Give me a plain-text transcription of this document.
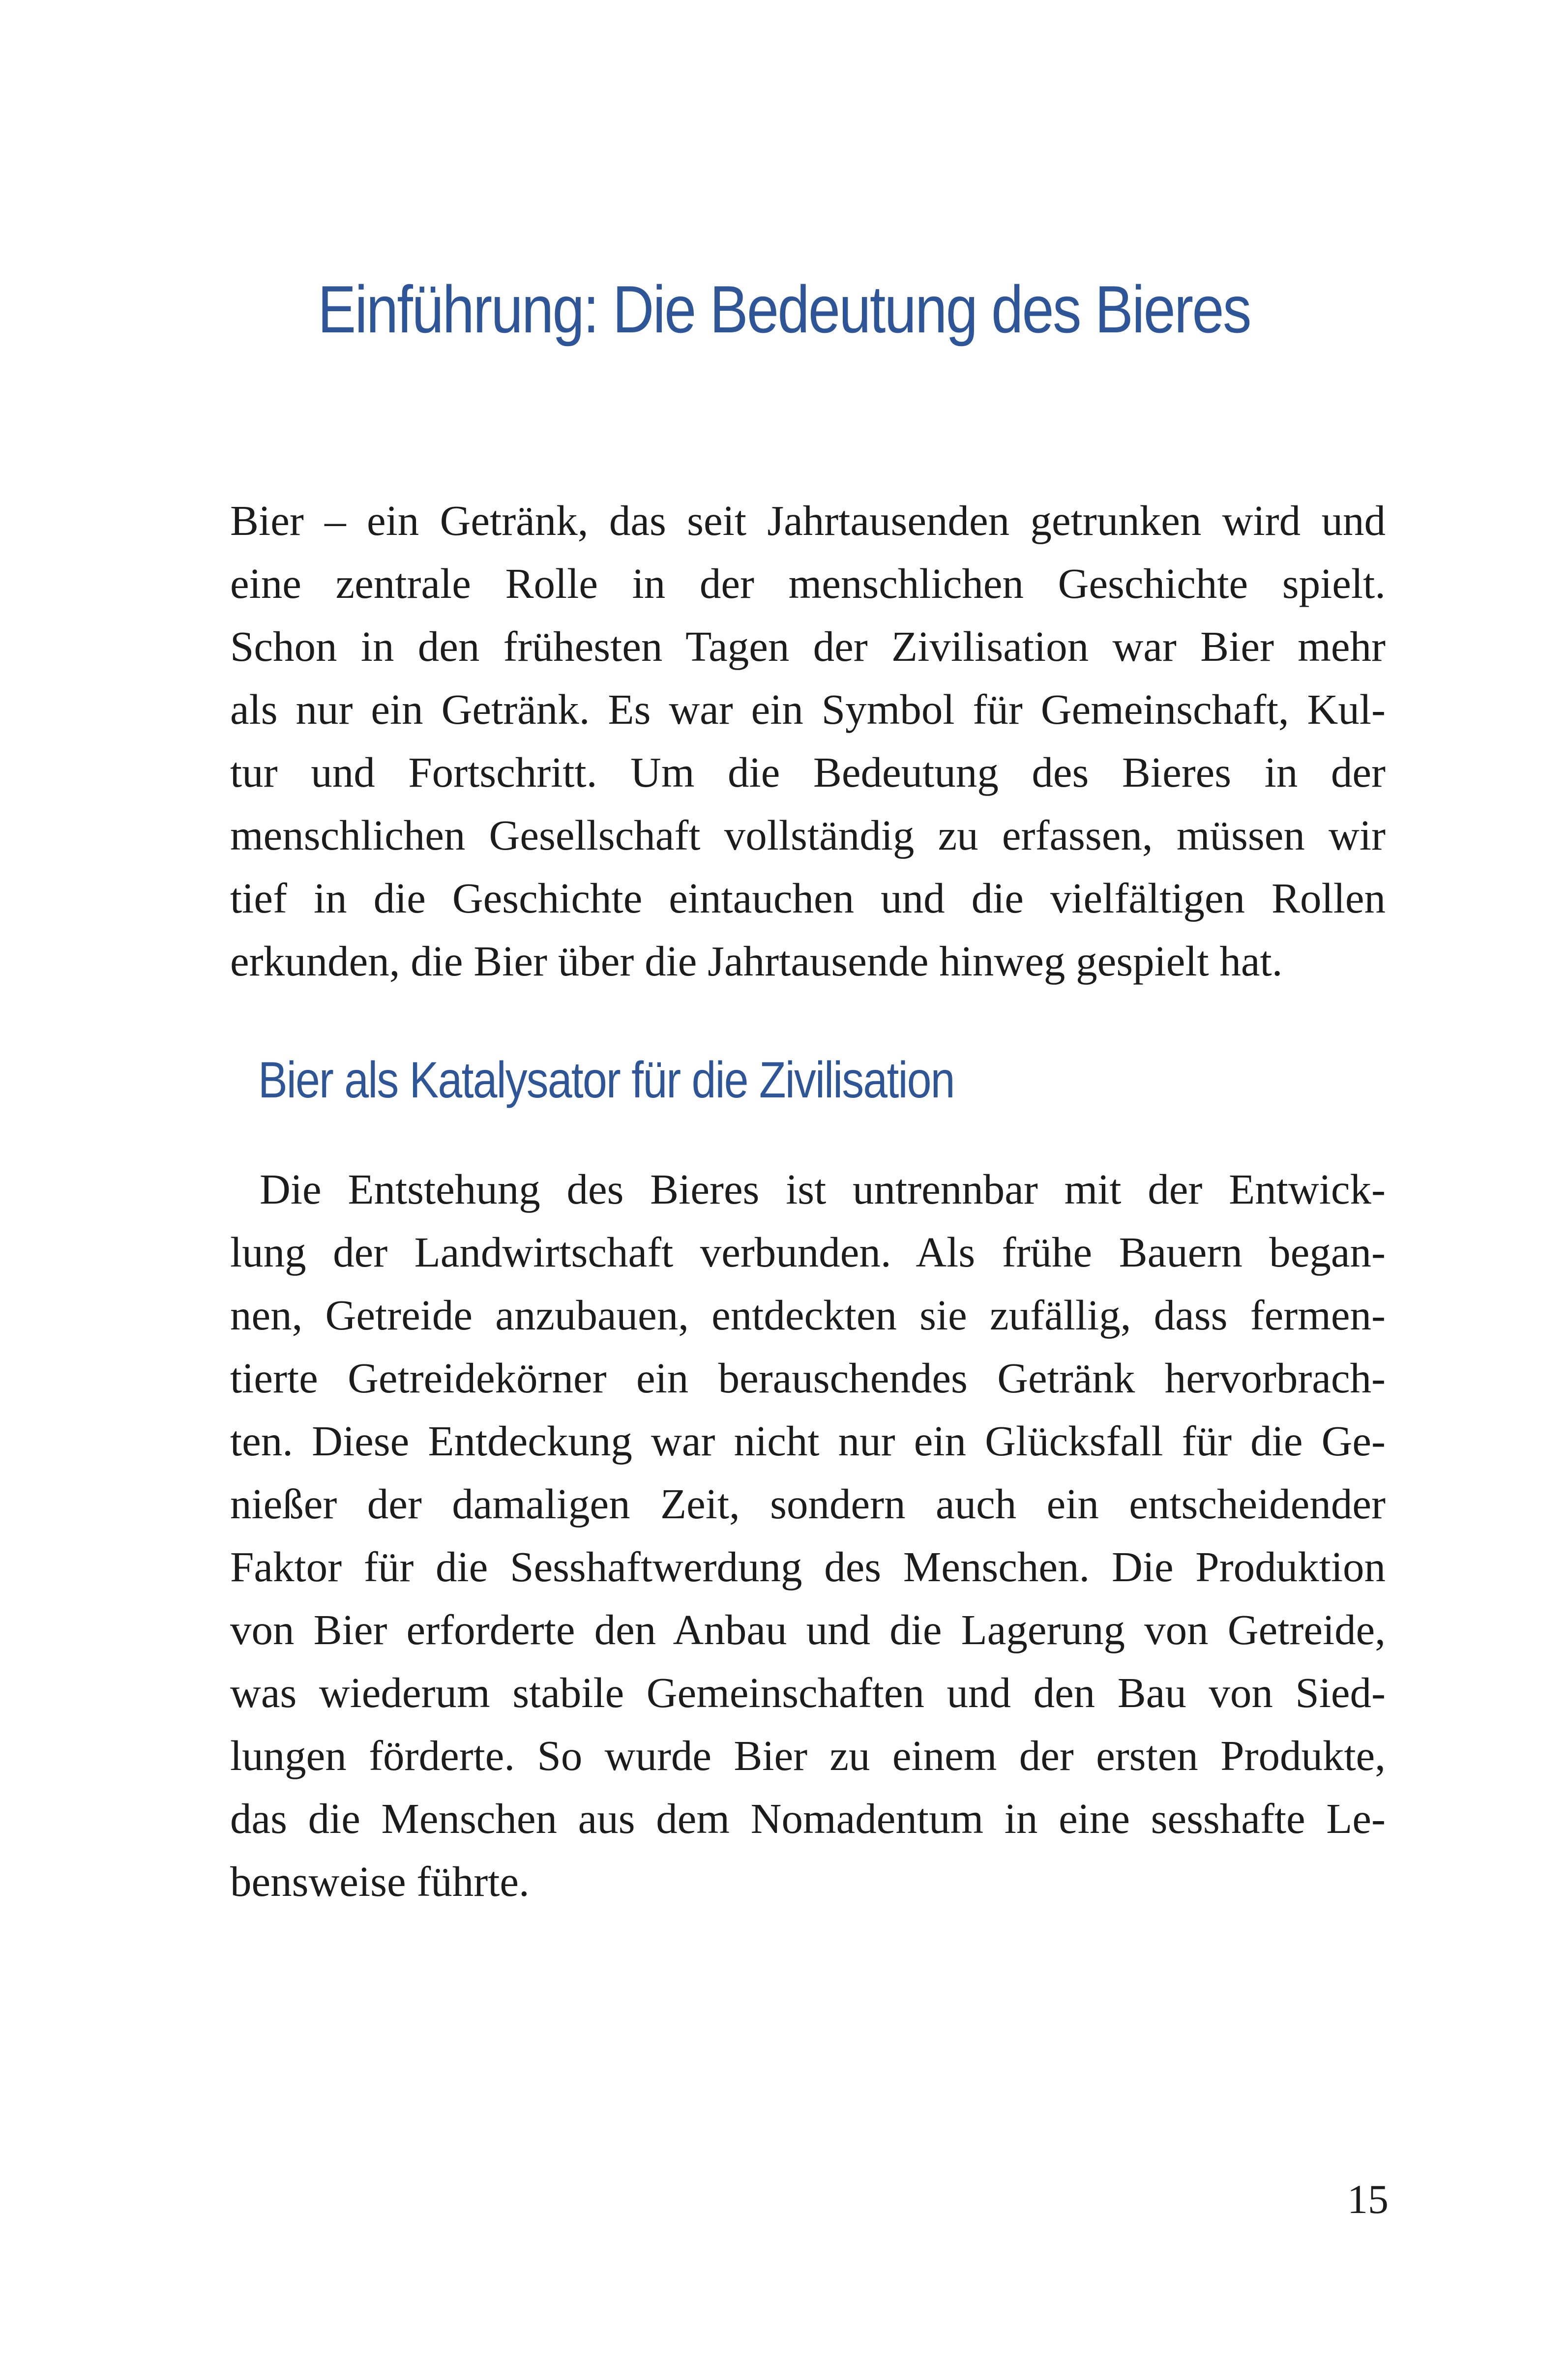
Einführung: Die Bedeutung des Bieres
Bier – ein Getränk, das seit Jahrtausenden getrunken wird und
eine zentrale Rolle in der menschlichen Geschichte spielt.
Schon in den frühesten Tagen der Zivilisation war Bier mehr
als nur ein Getränk. Es war ein Symbol für Gemeinschaft, Kul-
tur und Fortschritt. Um die Bedeutung des Bieres in der
menschlichen Gesellschaft vollständig zu erfassen, müssen wir
tief in die Geschichte eintauchen und die vielfältigen Rollen
erkunden, die Bier über die Jahrtausende hinweg gespielt hat.
Bier als Katalysator für die Zivilisation
Die Entstehung des Bieres ist untrennbar mit der Entwick-
lung der Landwirtschaft verbunden. Als frühe Bauern began-
nen, Getreide anzubauen, entdeckten sie zufällig, dass fermen-
tierte Getreidekörner ein berauschendes Getränk hervorbrach-
ten. Diese Entdeckung war nicht nur ein Glücksfall für die Ge-
nießer der damaligen Zeit, sondern auch ein entscheidender
Faktor für die Sesshaftwerdung des Menschen. Die Produktion
von Bier erforderte den Anbau und die Lagerung von Getreide,
was wiederum stabile Gemeinschaften und den Bau von Sied-
lungen förderte. So wurde Bier zu einem der ersten Produkte,
das die Menschen aus dem Nomadentum in eine sesshafte Le-
bensweise führte.
15
